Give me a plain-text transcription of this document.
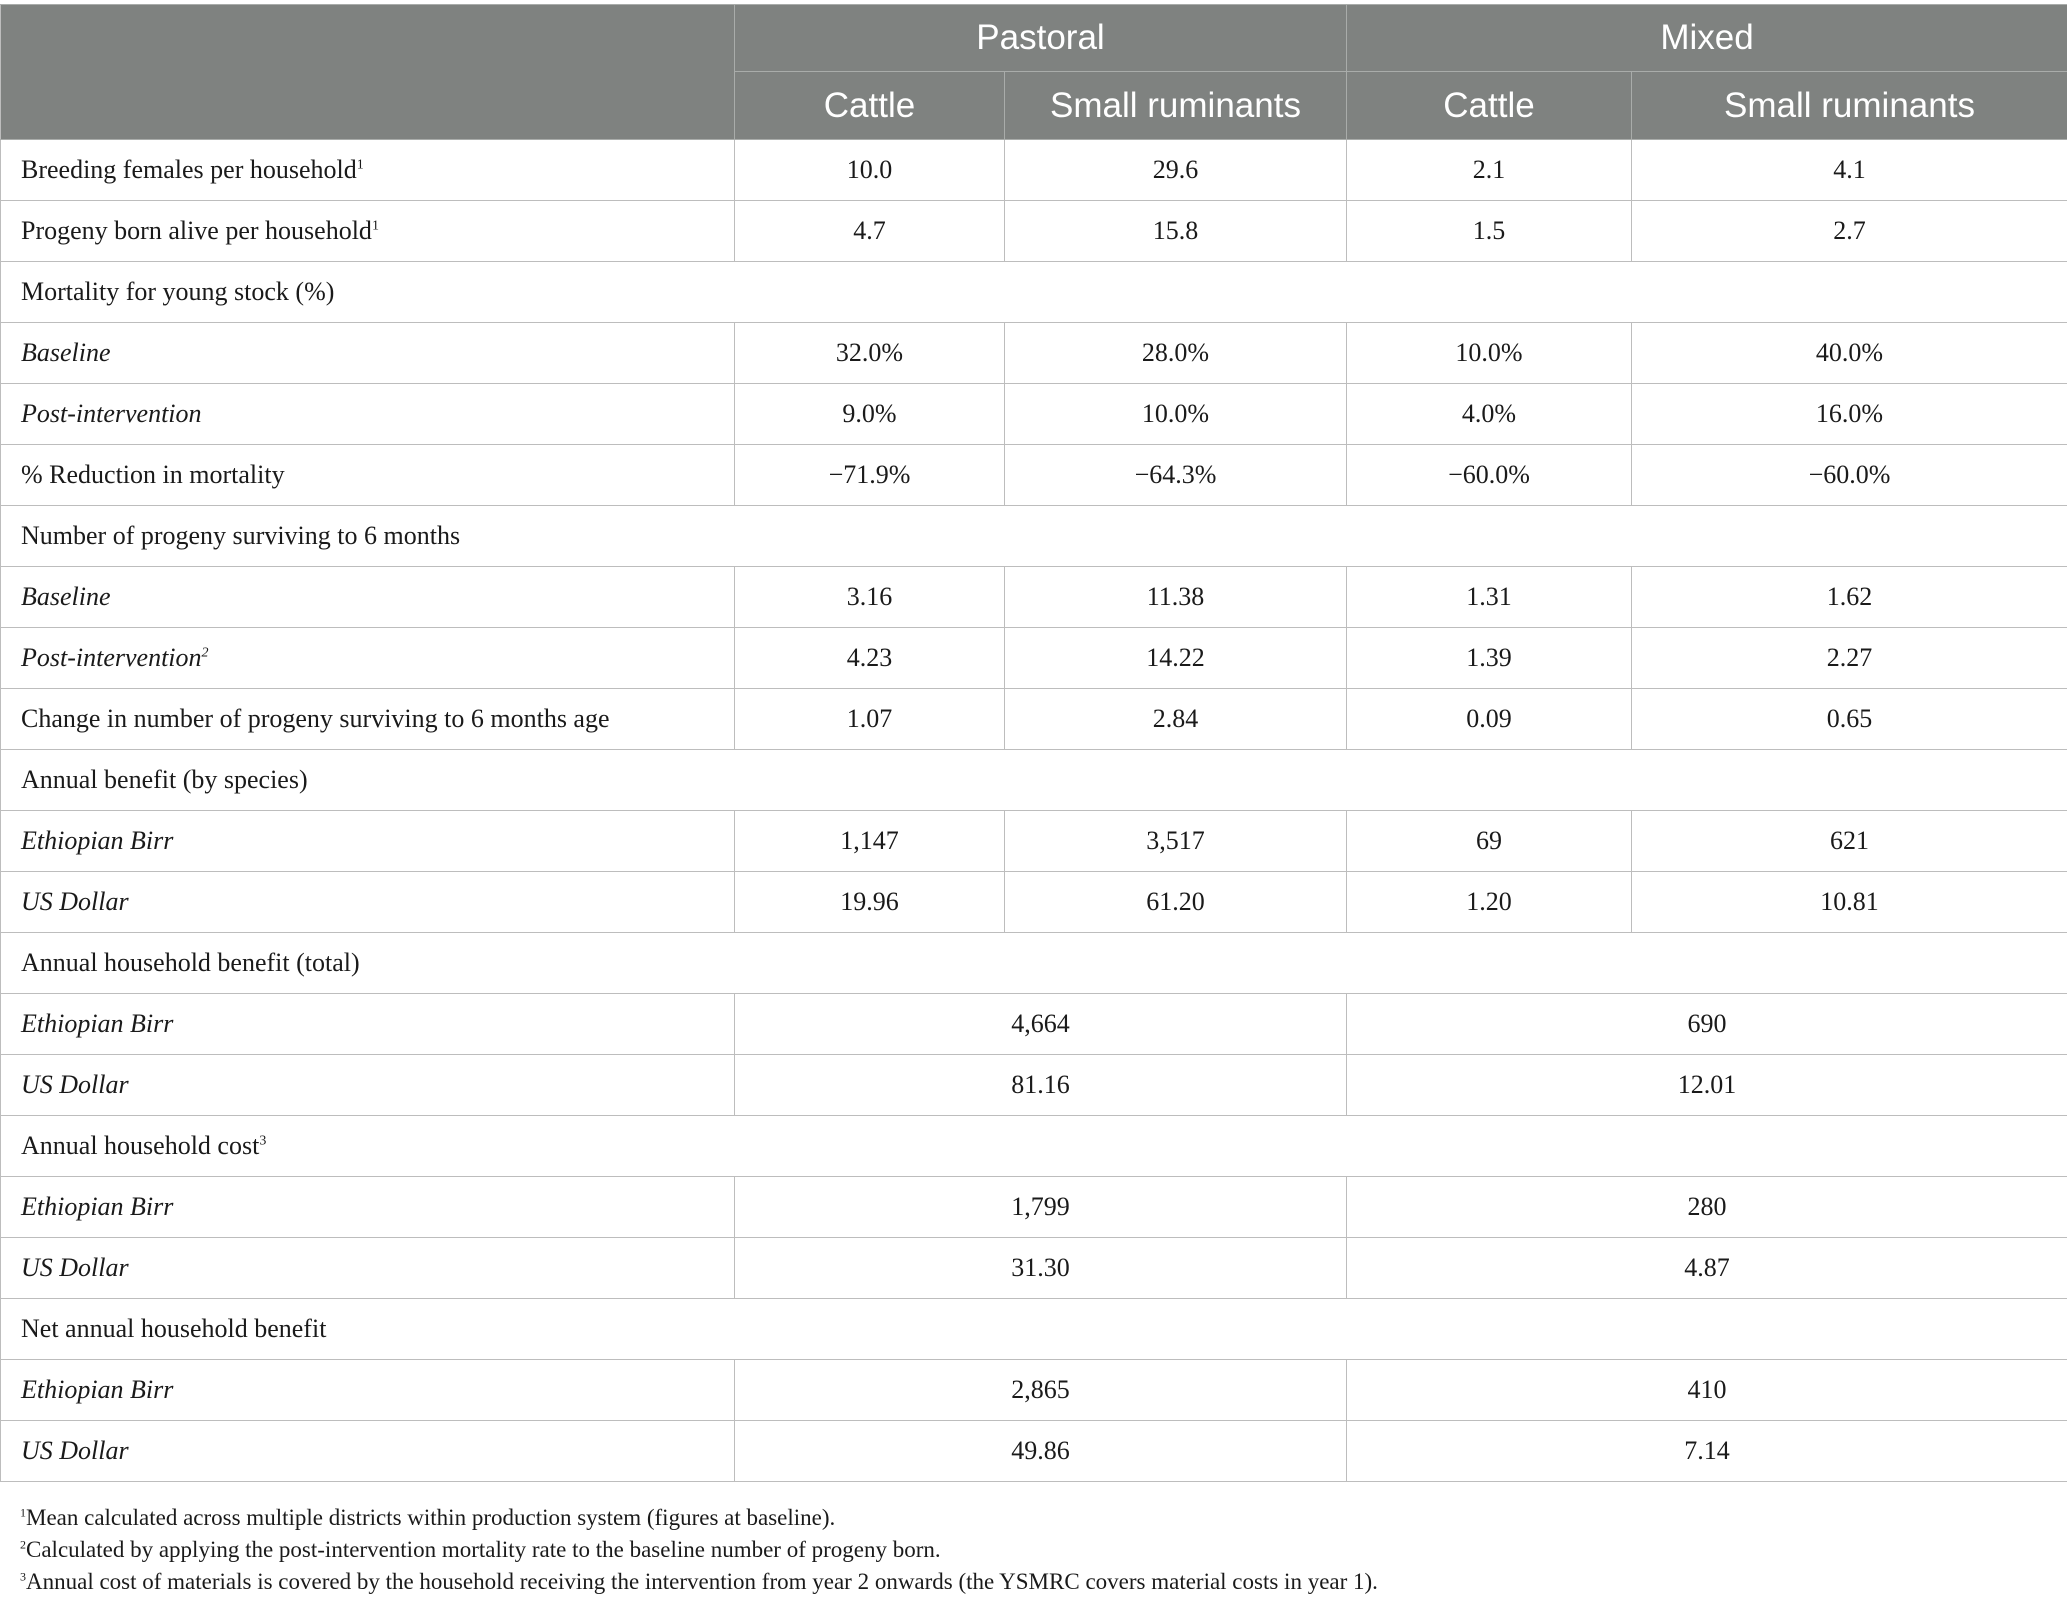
	Pastoral		Mixed	
	Cattle	Small ruminants	Cattle	Small ruminants
Breeding females per household$^1$	10.0	29.6	2.1	4.1
Progeny born alive per household$^1$	4.7	15.8	1.5	2.7
Mortality for young stock (%)				
Baseline	32.0%	28.0%	10.0%	40.0%
Post-intervention	9.0%	10.0%	4.0%	16.0%
% Reduction in mortality	−71.9%	−64.3%	−60.0%	−60.0%
Number of progeny surviving to 6 months				
Baseline	3.16	11.38	1.31	1.62
Post-intervention$^2$	4.23	14.22	1.39	2.27
Change in number of progeny surviving to 6 months age	1.07	2.84	0.09	0.65
Annual benefit (by species)				
Ethiopian Birr	1,147	3,517	69	621
US Dollar	19.96	61.20	1.20	10.81
Annual household benefit (total)				
Ethiopian Birr	4,664		690	
US Dollar	81.16		12.01	
Annual household cost$^3$
Ethiopian Birr	1,799		280	
US Dollar	31.30		4.87	
Net annual household benefit				
Ethiopian Birr	2,865		410	
US Dollar	49.86		7.14	

$^1$Mean calculated across multiple districts within production system (figures at baseline).

$^2$Calculated by applying the post-intervention mortality rate to the baseline number of progeny born.

$^3$Annual cost of materials is covered by the household receiving the intervention from year 2 onwards (the YSMRC covers material costs in year 1).
